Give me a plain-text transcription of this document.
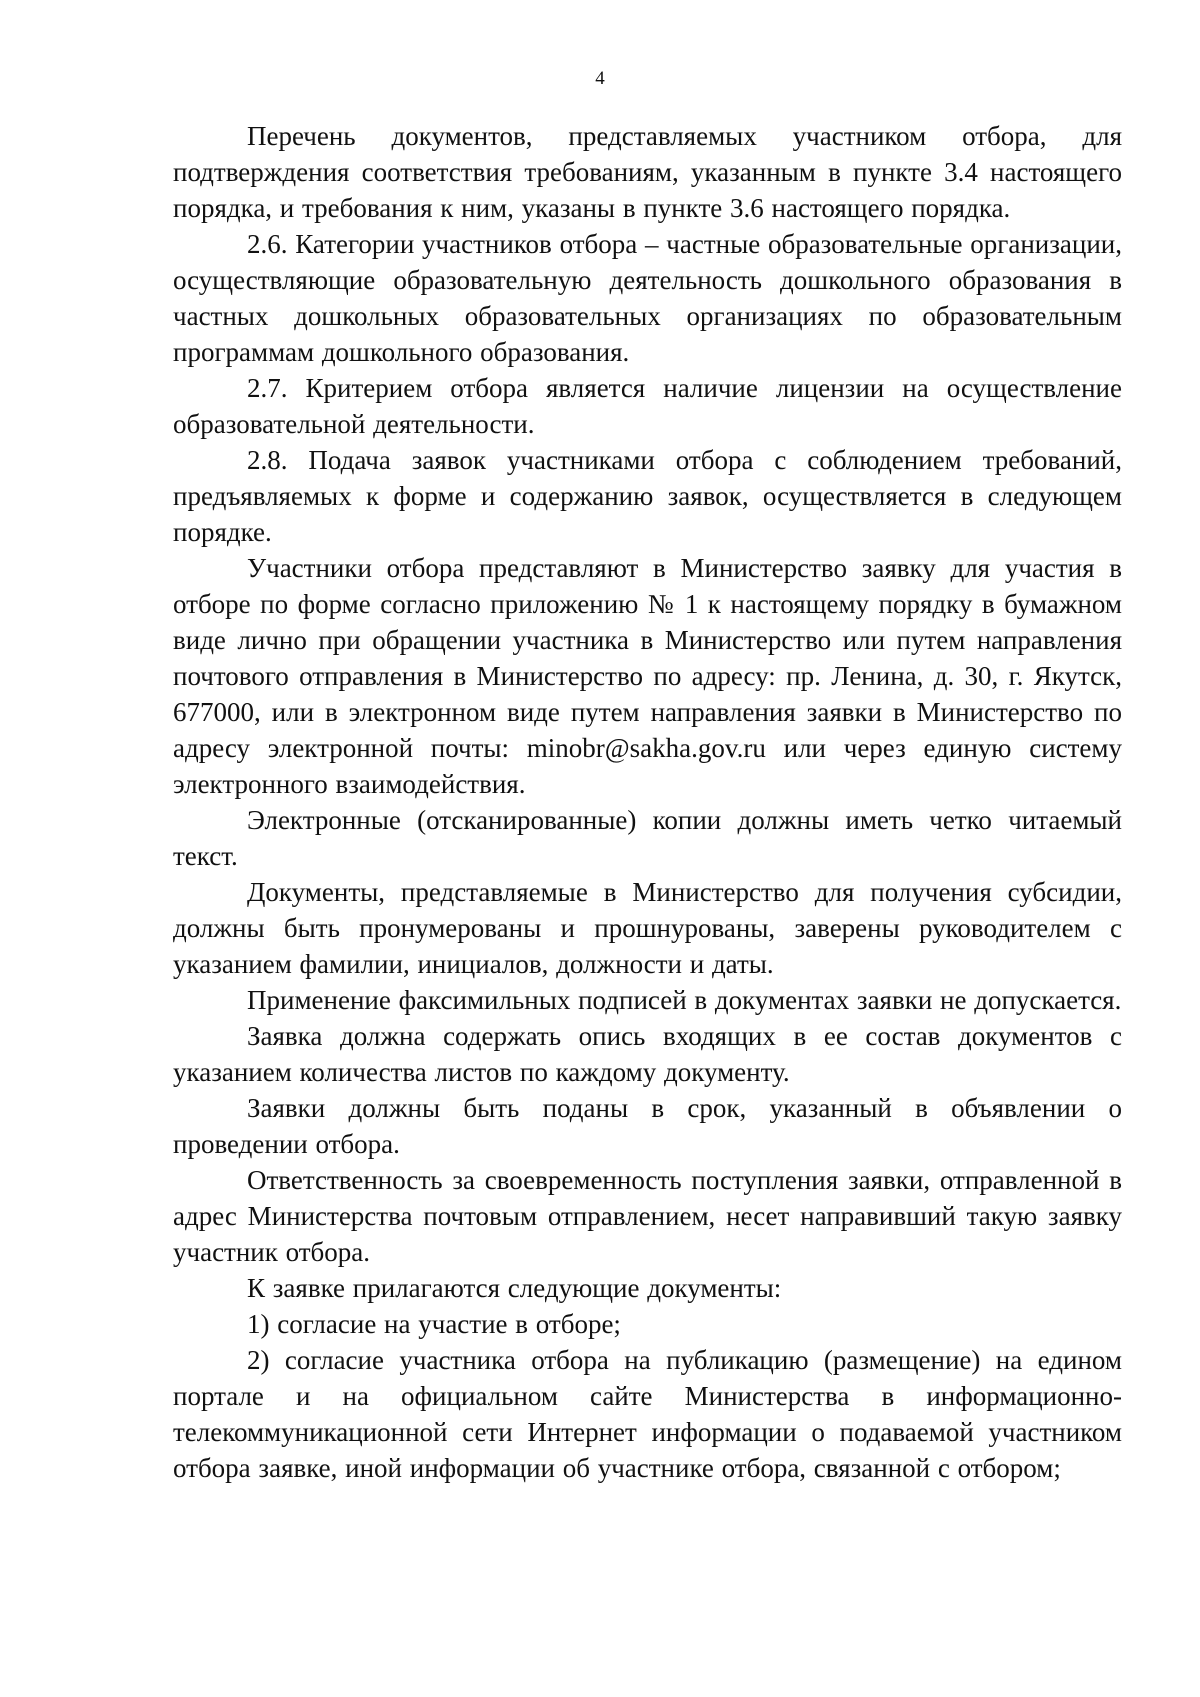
4

Перечень документов, представляемых участником отбора, для подтверждения соответствия требованиям, указанным в пункте 3.4 настоящего порядка, и требования к ним, указаны в пункте 3.6 настоящего порядка.

2.6. Категории участников отбора – частные образовательные организации, осуществляющие образовательную деятельность дошкольного образования в частных дошкольных образовательных организациях по образовательным программам дошкольного образования.

2.7. Критерием отбора является наличие лицензии на осуществление образовательной деятельности.

2.8. Подача заявок участниками отбора с соблюдением требований, предъявляемых к форме и содержанию заявок, осуществляется в следующем порядке.

Участники отбора представляют в Министерство заявку для участия в отборе по форме согласно приложению № 1 к настоящему порядку в бумажном виде лично при обращении участника в Министерство или путем направления почтового отправления в Министерство по адресу: пр. Ленина, д. 30, г. Якутск, 677000, или в электронном виде путем направления заявки в Министерство по адресу электронной почты: minobr@sakha.gov.ru или через единую систему электронного взаимодействия.

Электронные (отсканированные) копии должны иметь четко читаемый текст.

Документы, представляемые в Министерство для получения субсидии, должны быть пронумерованы и прошнурованы, заверены руководителем с указанием фамилии, инициалов, должности и даты.

Применение факсимильных подписей в документах заявки не допускается.

Заявка должна содержать опись входящих в ее состав документов с указанием количества листов по каждому документу.

Заявки должны быть поданы в срок, указанный в объявлении о проведении отбора.

Ответственность за своевременность поступления заявки, отправленной в адрес Министерства почтовым отправлением, несет направивший такую заявку участник отбора.

К заявке прилагаются следующие документы:

1) согласие на участие в отборе;

2) согласие участника отбора на публикацию (размещение) на едином портале и на официальном сайте Министерства в информационно-телекоммуникационной сети Интернет информации о подаваемой участником отбора заявке, иной информации об участнике отбора, связанной с отбором;
